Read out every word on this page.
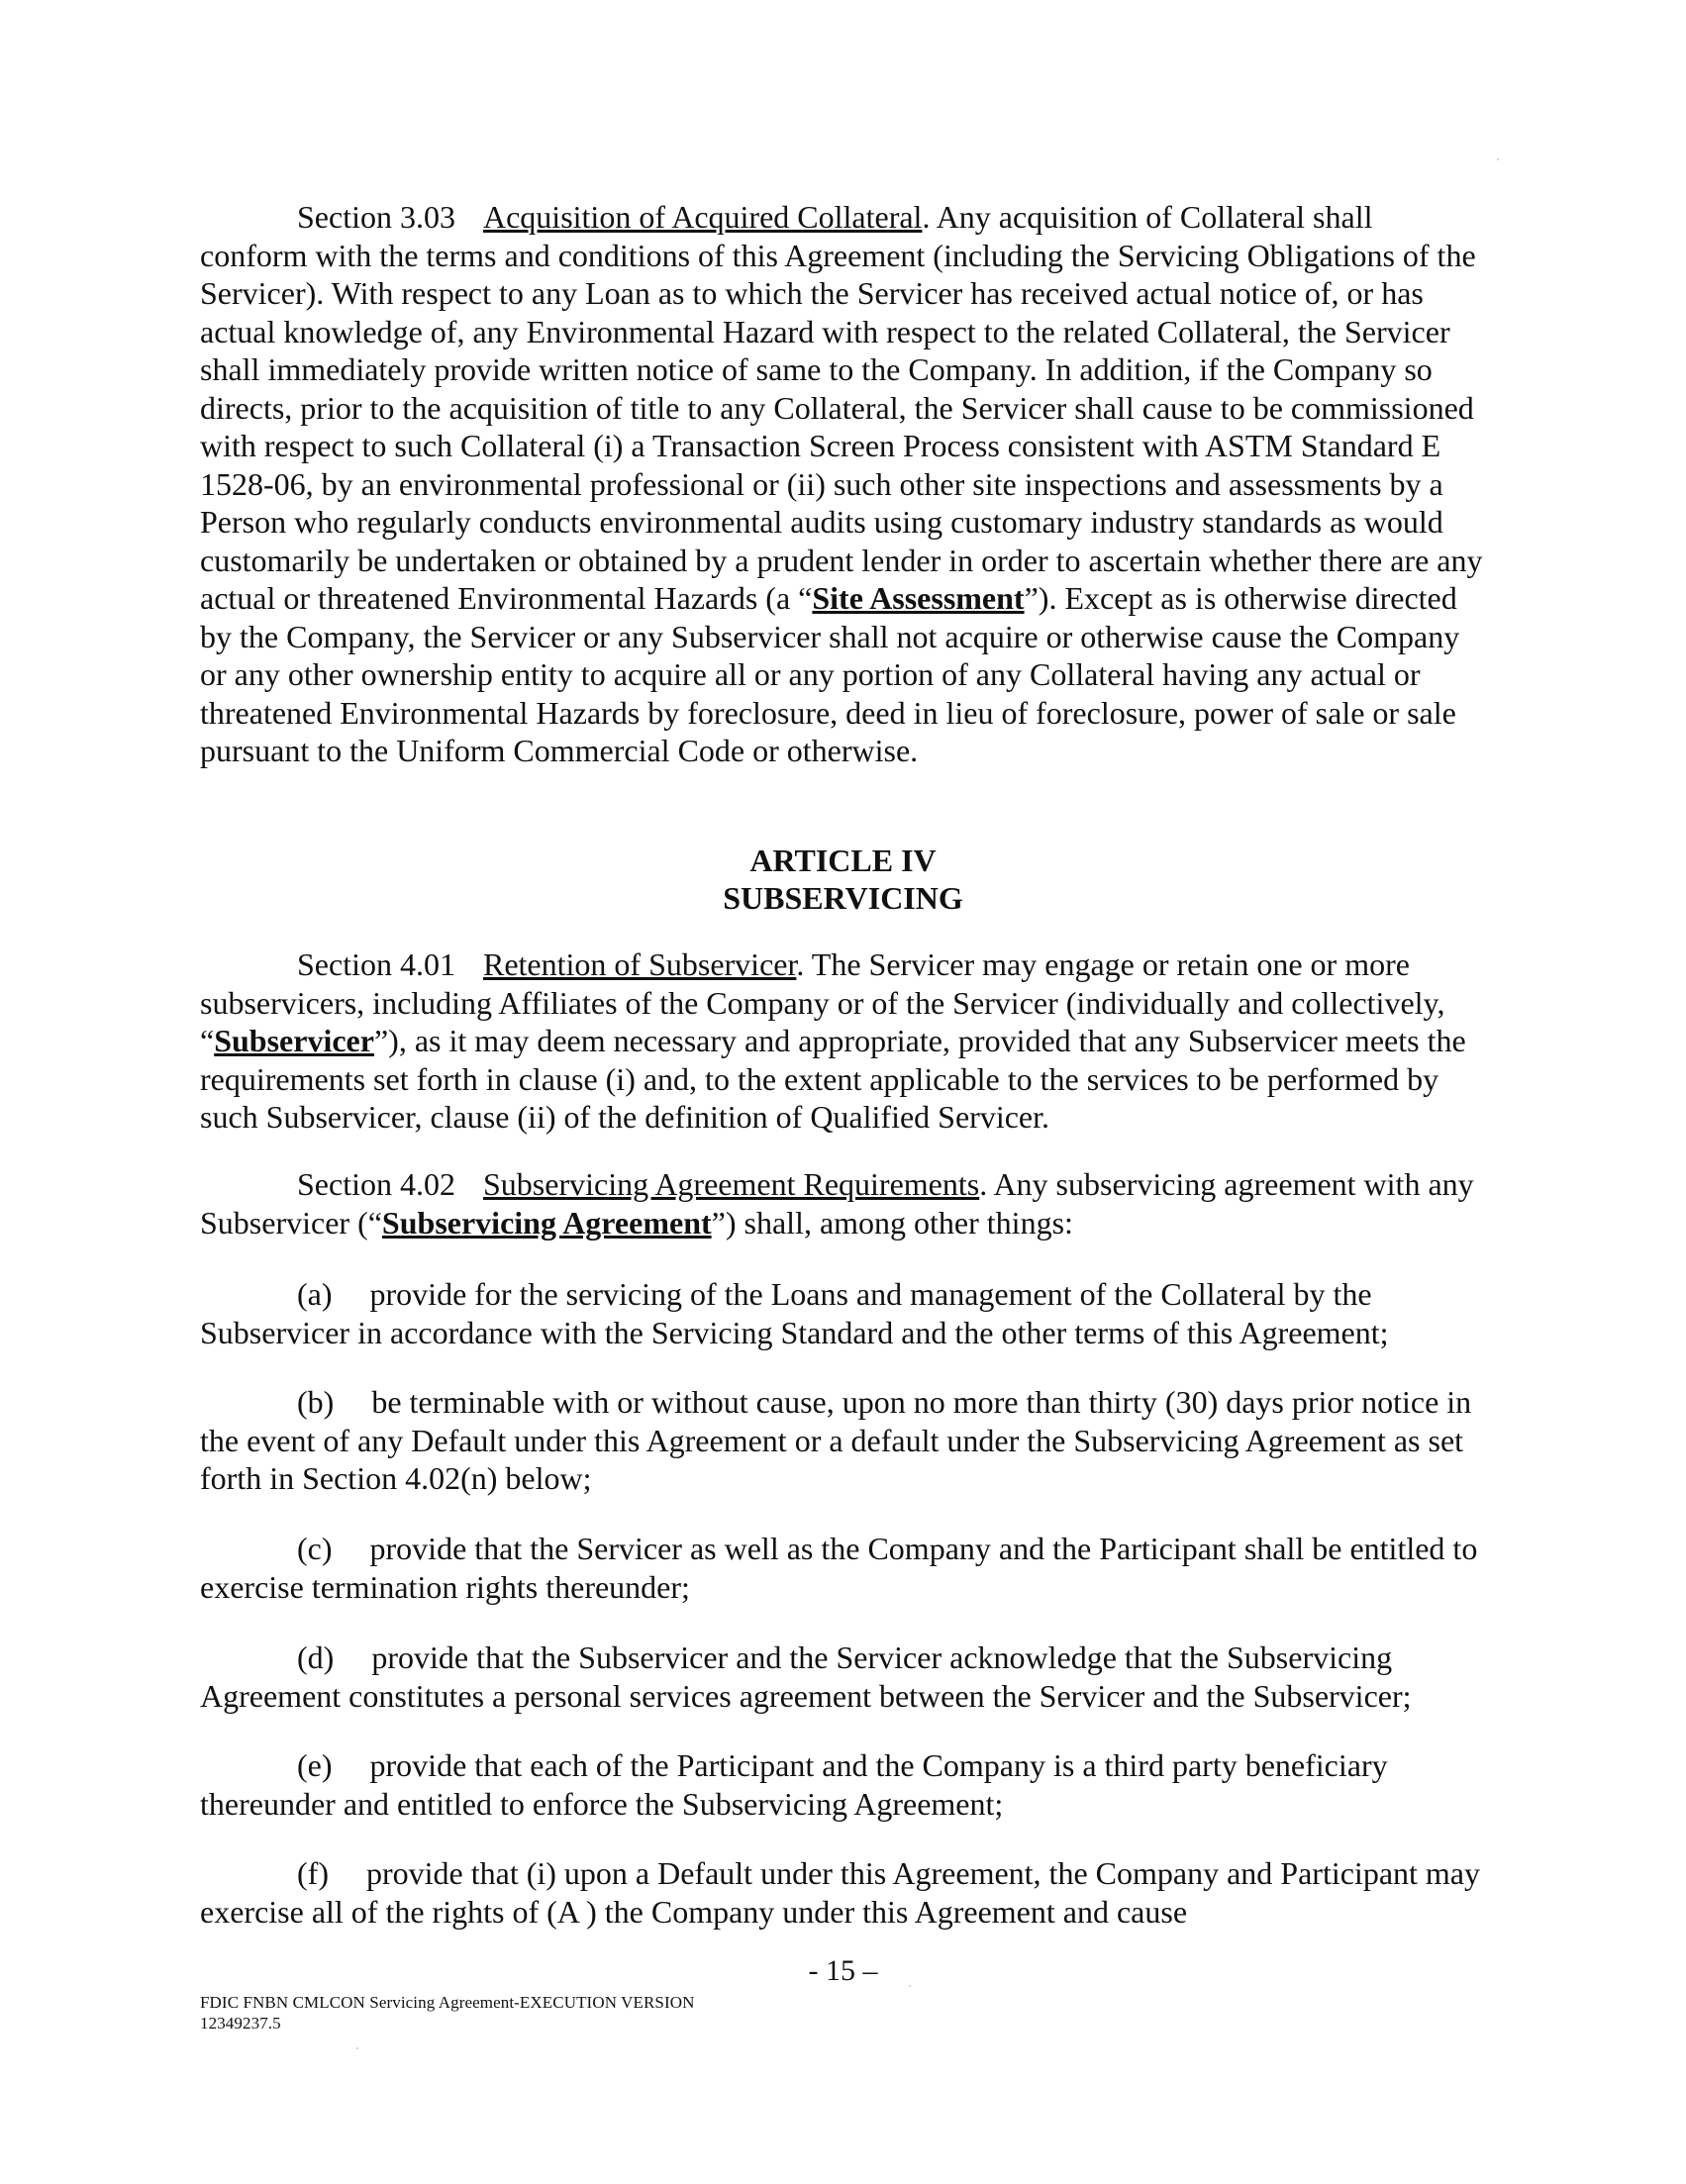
Section 3.03 Acquisition of Acquired Collateral. Any acquisition of Collateral shall conform with the terms and conditions of this Agreement (including the Servicing Obligations of the Servicer). With respect to any Loan as to which the Servicer has received actual notice of, or has actual knowledge of, any Environmental Hazard with respect to the related Collateral, the Servicer shall immediately provide written notice of same to the Company. In addition, if the Company so directs, prior to the acquisition of title to any Collateral, the Servicer shall cause to be commissioned with respect to such Collateral (i) a Transaction Screen Process consistent with ASTM Standard E 1528-06, by an environmental professional or (ii) such other site inspections and assessments by a Person who regularly conducts environmental audits using customary industry standards as would customarily be undertaken or obtained by a prudent lender in order to ascertain whether there are any actual or threatened Environmental Hazards (a “Site Assessment”). Except as is otherwise directed by the Company, the Servicer or any Subservicer shall not acquire or otherwise cause the Company or any other ownership entity to acquire all or any portion of any Collateral having any actual or threatened Environmental Hazards by foreclosure, deed in lieu of foreclosure, power of sale or sale pursuant to the Uniform Commercial Code or otherwise.

ARTICLE IV
SUBSERVICING

Section 4.01 Retention of Subservicer. The Servicer may engage or retain one or more subservicers, including Affiliates of the Company or of the Servicer (individually and collectively, “Subservicer”), as it may deem necessary and appropriate, provided that any Subservicer meets the requirements set forth in clause (i) and, to the extent applicable to the services to be performed by such Subservicer, clause (ii) of the definition of Qualified Servicer.

Section 4.02 Subservicing Agreement Requirements. Any subservicing agreement with any Subservicer (“Subservicing Agreement”) shall, among other things:

(a) provide for the servicing of the Loans and management of the Collateral by the Subservicer in accordance with the Servicing Standard and the other terms of this Agreement;

(b) be terminable with or without cause, upon no more than thirty (30) days prior notice in the event of any Default under this Agreement or a default under the Subservicing Agreement as set forth in Section 4.02(n) below;

(c) provide that the Servicer as well as the Company and the Participant shall be entitled to exercise termination rights thereunder;

(d) provide that the Subservicer and the Servicer acknowledge that the Subservicing Agreement constitutes a personal services agreement between the Servicer and the Subservicer;

(e) provide that each of the Participant and the Company is a third party beneficiary thereunder and entitled to enforce the Subservicing Agreement;

(f) provide that (i) upon a Default under this Agreement, the Company and Participant may exercise all of the rights of (A ) the Company under this Agreement and cause

- 15 –
FDIC FNBN CMLCON Servicing Agreement-EXECUTION VERSION
12349237.5
